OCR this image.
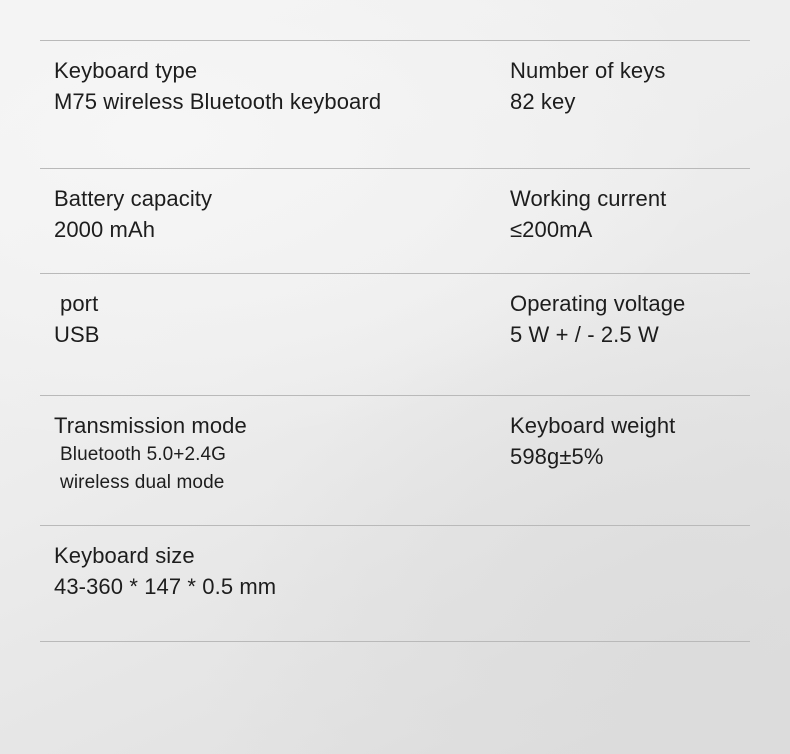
Keyboard type
M75 wireless Bluetooth keyboard
Number of keys
82 key
Battery capacity
2000 mAh
Working current
≤200mA
port
USB
Operating voltage
5 W + / - 2.5 W
Transmission mode
Bluetooth 5.0+2.4G
wireless dual mode
Keyboard weight
598g±5%
Keyboard size
43-360 * 147 * 0.5 mm
